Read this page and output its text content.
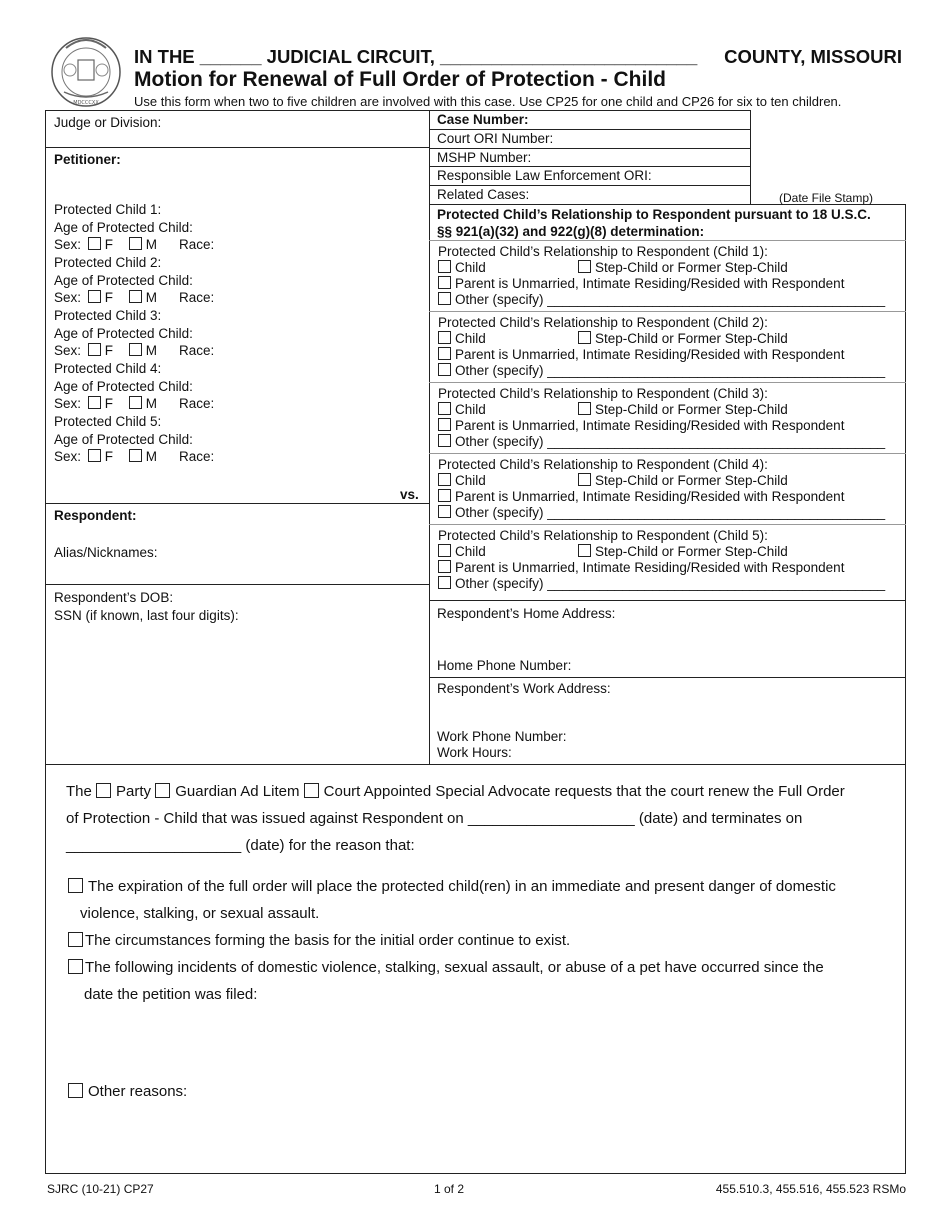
MDCCCXX
IN THE ______ JUDICIAL CIRCUIT, _________________________ COUNTY, MISSOURI
Motion for Renewal of Full Order of Protection - Child
Use this form when two to five children are involved with this case. Use CP25 for one child and CP26 for six to ten children.
Case Number:
Court ORI Number:
MSHP Number:
Responsible Law Enforcement ORI:
Related Cases:	(Date File Stamp)
Protected Child’s Relationship to Respondent pursuant to 18 U.S.C.
§§ 921(a)(32) and 922(g)(8) determination:
Protected Child’s Relationship to Respondent (Child 1):
Child	Step-Child or Former Step-Child
Parent is Unmarried, Intimate Residing/Resided with Respondent
Other (specify) _____________________________________________
Protected Child’s Relationship to Respondent (Child 2):
Child	Step-Child or Former Step-Child
Parent is Unmarried, Intimate Residing/Resided with Respondent
Other (specify) _____________________________________________
Protected Child’s Relationship to Respondent (Child 3):
Child	Step-Child or Former Step-Child
Parent is Unmarried, Intimate Residing/Resided with Respondent
Other (specify) _____________________________________________
Protected Child’s Relationship to Respondent (Child 4):
Child	Step-Child or Former Step-Child
Parent is Unmarried, Intimate Residing/Resided with Respondent
Other (specify) _____________________________________________
Protected Child’s Relationship to Respondent (Child 5):
Child	Step-Child or Former Step-Child
Parent is Unmarried, Intimate Residing/Resided with Respondent
Other (specify) _____________________________________________
Respondent’s Home Address:
Home Phone Number:
Respondent’s Work Address:
Work Phone Number:
Work Hours:
Judge or Division:
Petitioner:
Protected Child 1:
Age of Protected Child:
Sex: F M Race:
Protected Child 2:
Age of Protected Child:
Sex: F M Race:
Protected Child 3:
Age of Protected Child:
Sex: F M Race:
Protected Child 4:
Age of Protected Child:
Sex: F M Race:
Protected Child 5:
Age of Protected Child:
Sex: F M Race:
vs.
Respondent:
Alias/Nicknames:
Respondent’s DOB:
SSN (if known, last four digits):
The Party Guardian Ad Litem Court Appointed Special Advocate requests that the court renew the Full Order
of Protection - Child that was issued against Respondent on ____________________ (date) and terminates on
_____________________ (date) for the reason that:
The expiration of the full order will place the protected child(ren) in an immediate and present danger of domestic
violence, stalking, or sexual assault.
The circumstances forming the basis for the initial order continue to exist.
The following incidents of domestic violence, stalking, sexual assault, or abuse of a pet have occurred since the
date the petition was filed:
Other reasons:
SJRC (10-21) CP27	1 of 2	455.510.3, 455.516, 455.523 RSMo
